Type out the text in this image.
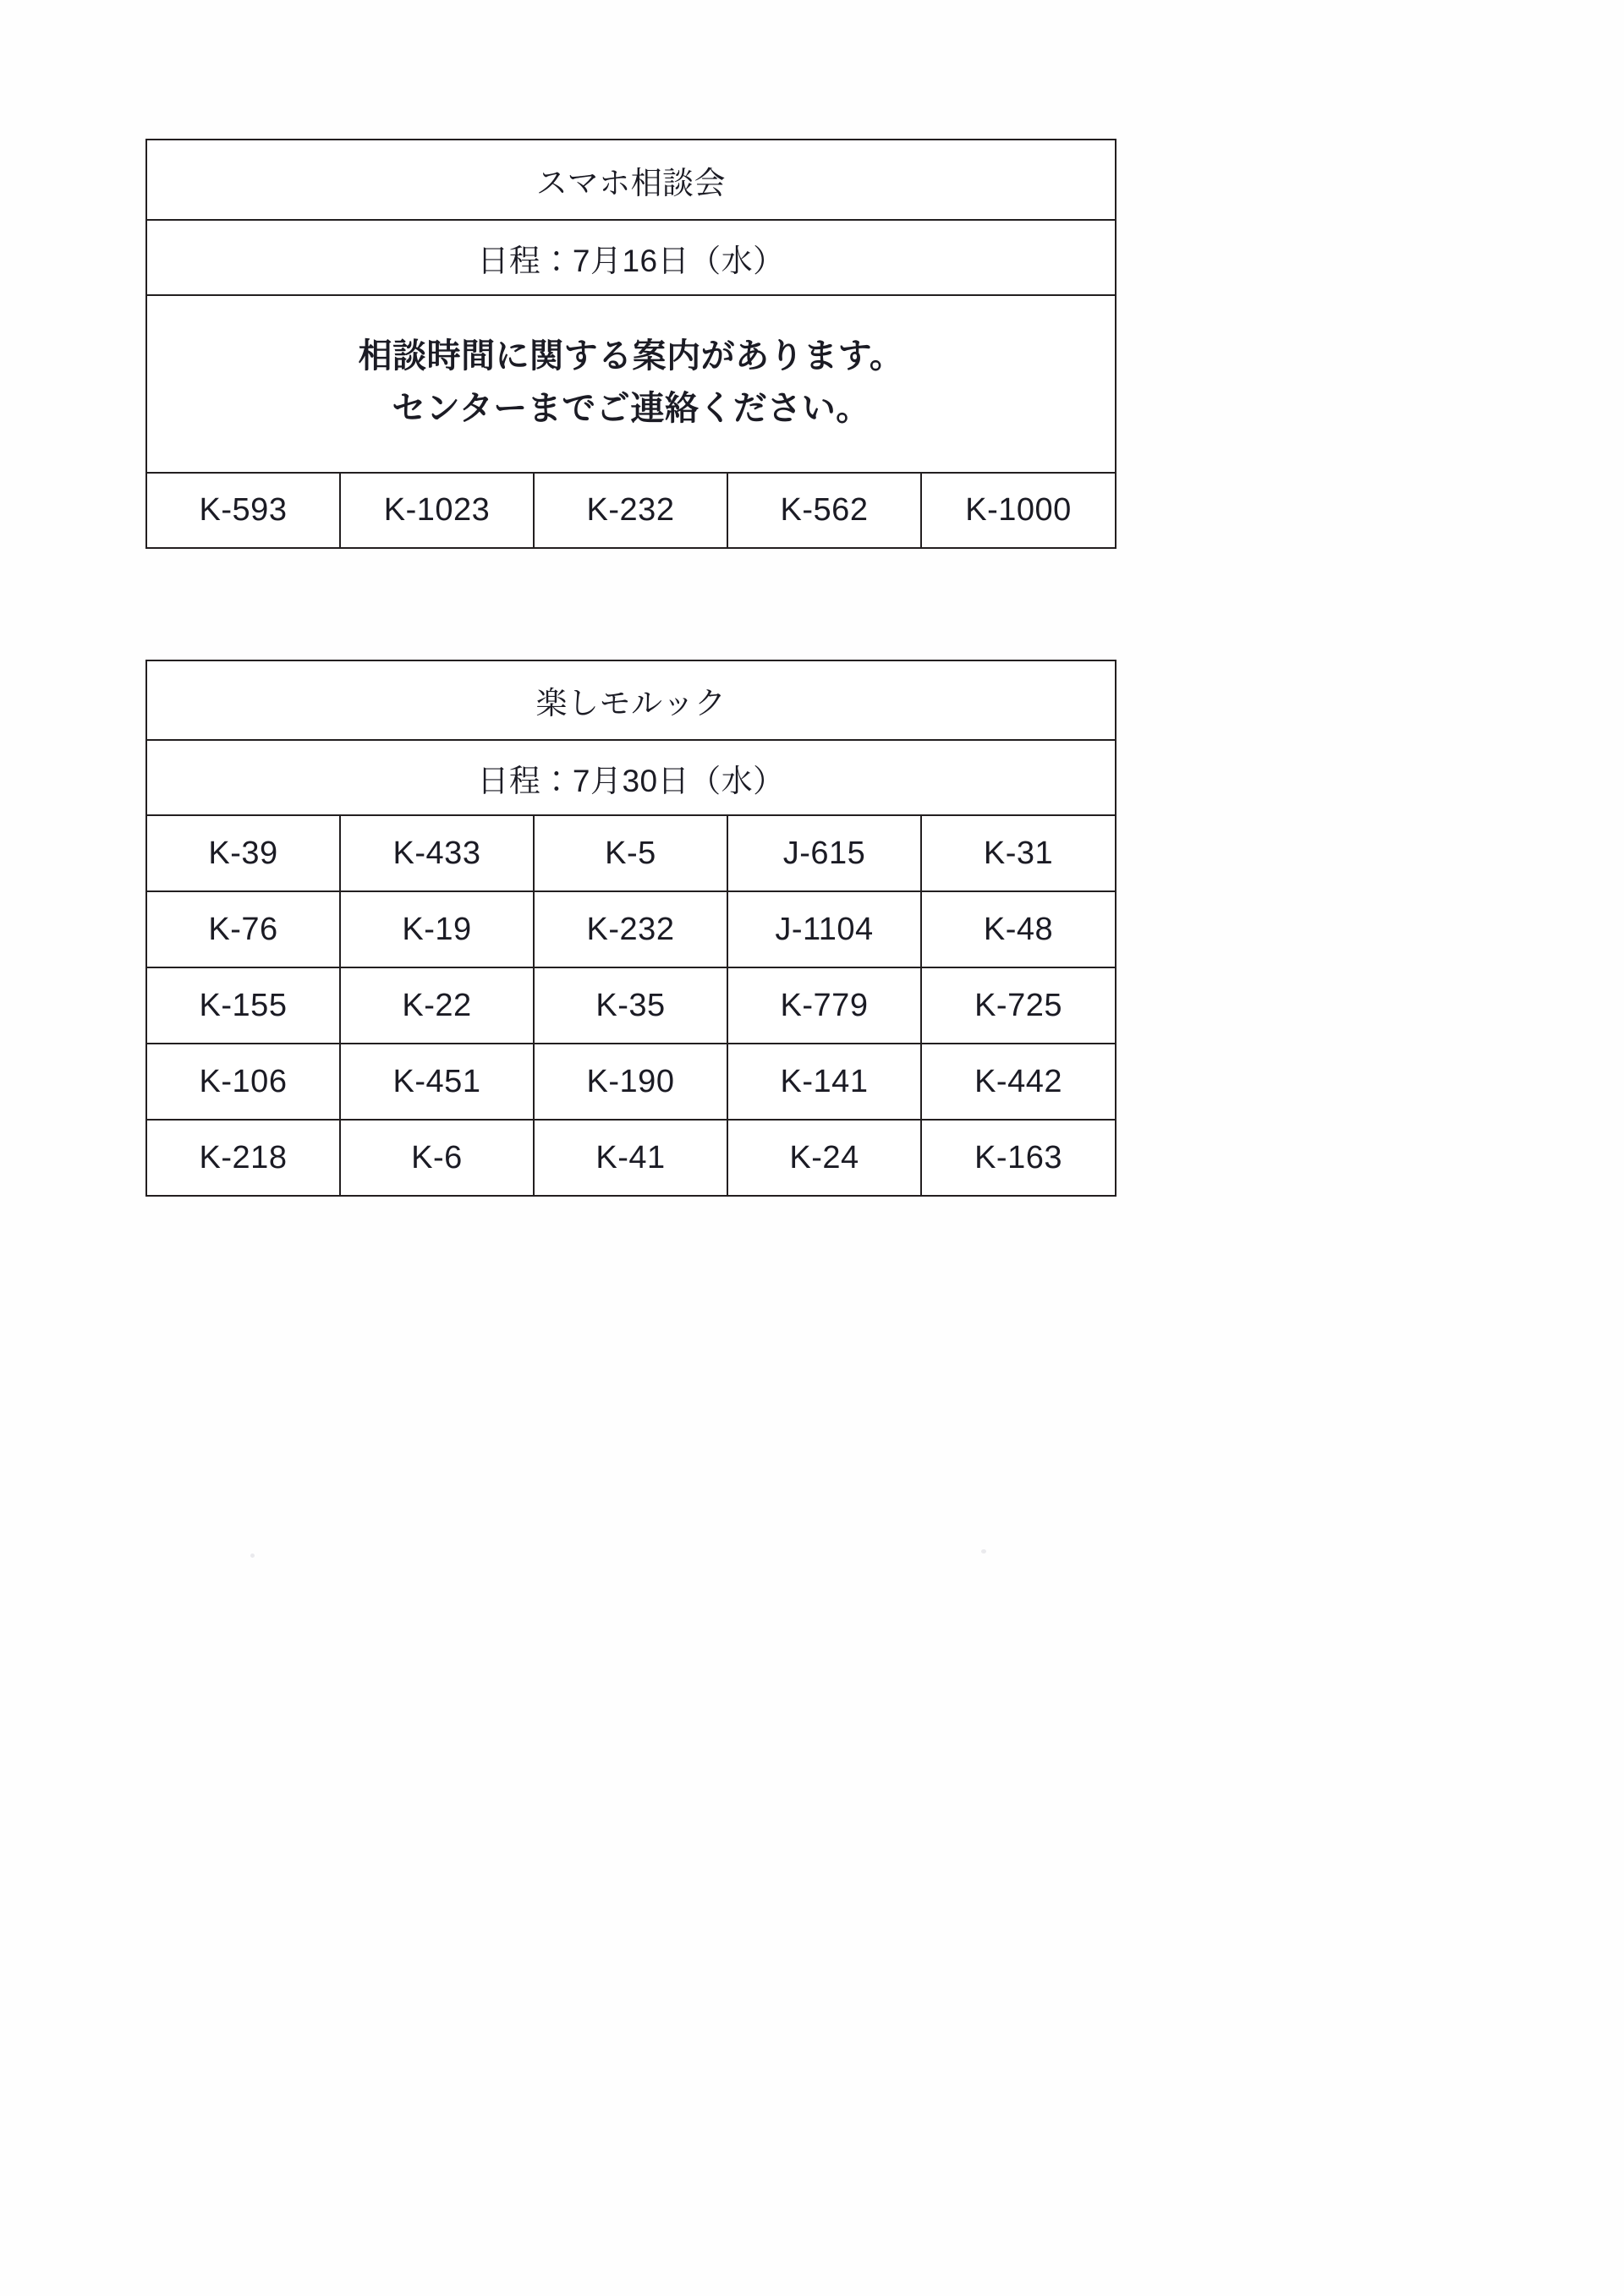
スマホ相談会
日程：7月16日（水）

相談時間に関する案内があります。
センターまでご連絡ください。

K-593	K-1023	K-232	K-562	K-1000
楽しモルック				
日程：7月30日（水）				
K-39	K-433	K-5	J-615	K-31
K-76	K-19	K-232	J-1104	K-48
K-155	K-22	K-35	K-779	K-725
K-106	K-451	K-190	K-141	K-442
K-218	K-6	K-41	K-24	K-163
